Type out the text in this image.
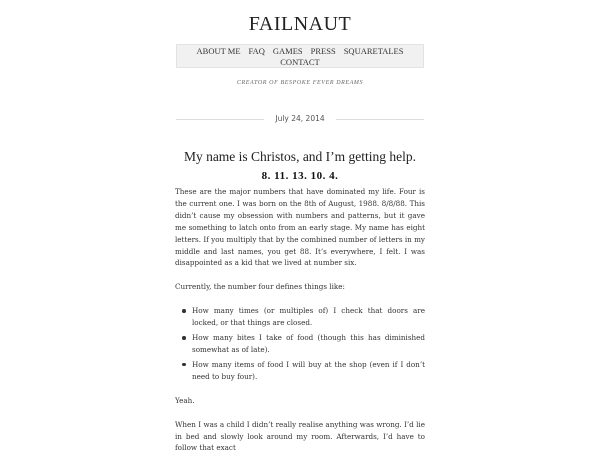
FAILNAUT
ABOUT ME FAQ GAMES PRESS SQUARETALES
CONTACT
CREATOR OF BESPOKE FEVER DREAMS
July 24, 2014
My name is Christos, and I’m getting help.
8. 11. 13. 10. 4.

These are the major numbers that have dominated my life. Four is the current one. I was born on the 8th of August, 1988. 8/8/88. This didn’t cause my obsession with numbers and patterns, but it gave me something to latch onto from an early stage. My name has eight letters. If you multiply that by the combined number of letters in my middle and last names, you get 88. It’s everywhere, I felt. I was disappointed as a kid that we lived at number six.

Currently, the number four defines things like:

How many times (or multiples of) I check that doors are locked, or that things are closed.
How many bites I take of food (though this has diminished somewhat as of late).
How many items of food I will buy at the shop (even if I don’t need to buy four).

Yeah.

When I was a child I didn’t really realise anything was wrong. I’d lie in bed and slowly look around my room. Afterwards, I’d have to follow that exact
